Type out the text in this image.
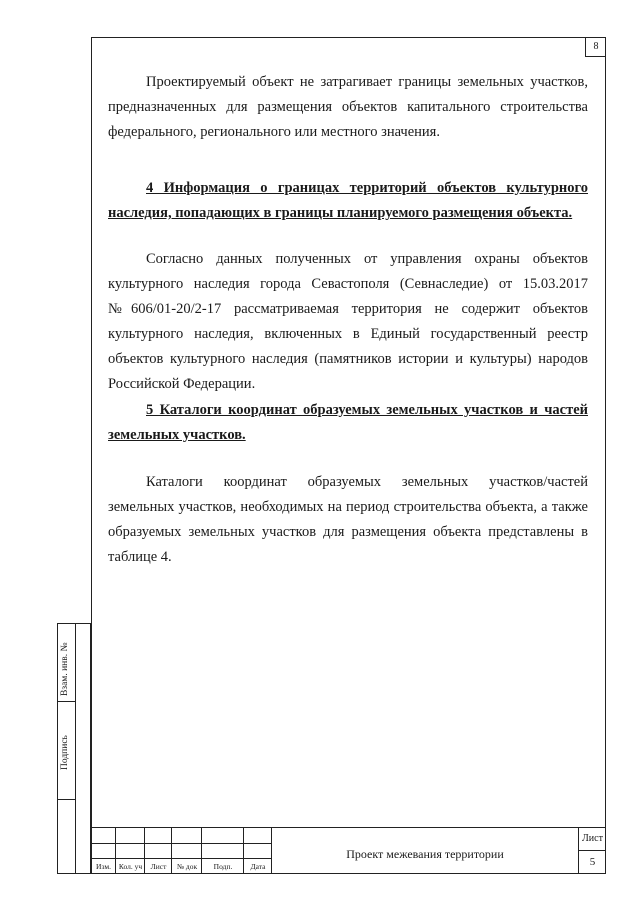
8

Проектируемый объект не затрагивает границы земельных участков, предназначенных для размещения объектов капитального строительства федерального, регионального или местного значения.

4 Информация о границах территорий объектов культурного наследия, попадающих в границы планируемого размещения объекта.

Согласно данных полученных от управления охраны объектов культурного наследия города Севастополя (Севнаследие) от 15.03.2017 №606/01-20/2-17 рассматриваемая территория не содержит объектов культурного наследия, включенных в Единый государственный реестр объектов культурного наследия (памятников истории и культуры) народов Российской Федерации.

5 Каталоги координат образуемых земельных участков и частей земельных участков.

Каталоги координат образуемых земельных участков/частей земельных участков, необходимых на период строительства объекта, а также образуемых земельных участков для размещения объекта представлены в таблице 4.

Взам. инв. №
Подпись
Изм.	Кол. уч	Лист	№ док	Подп.	Дата
Проект межевания территории
Лист
5
